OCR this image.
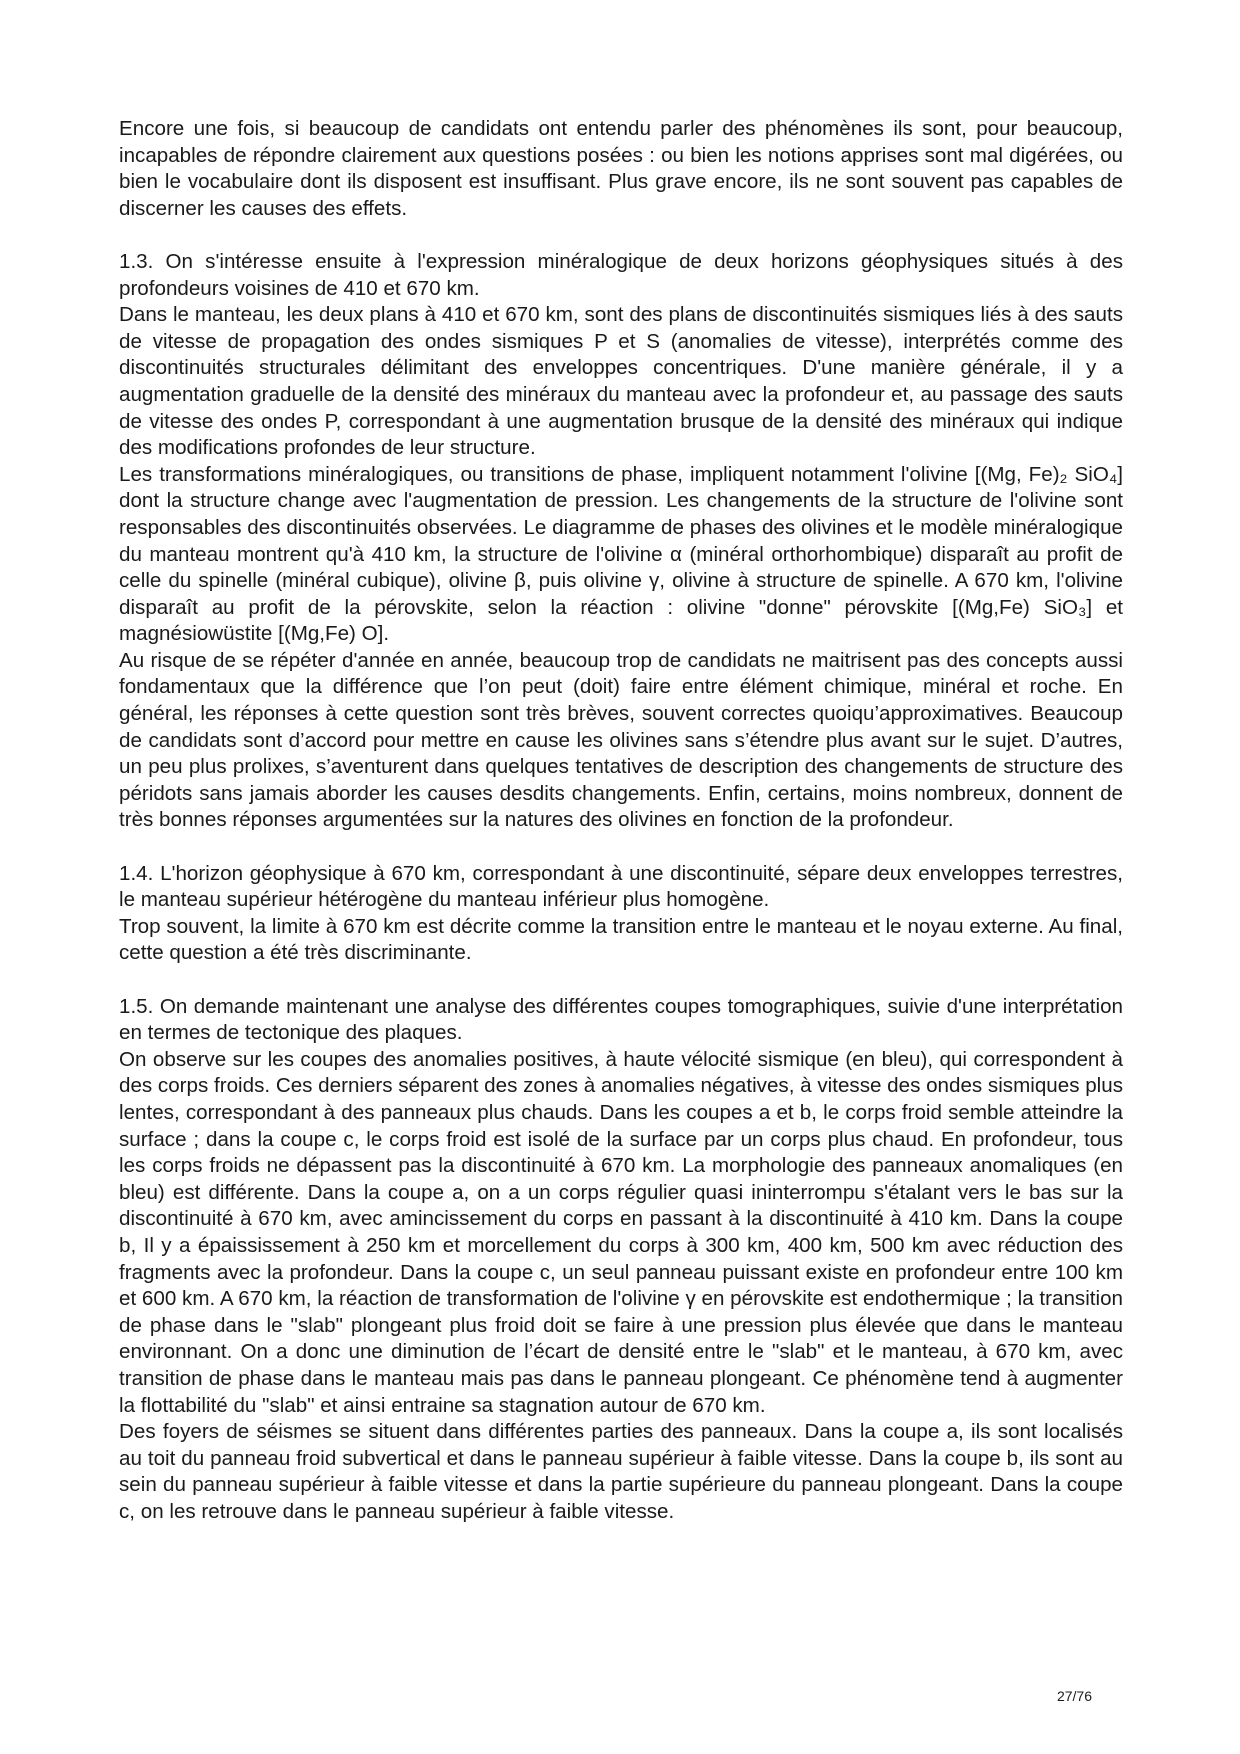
Encore une fois, si beaucoup de candidats ont entendu parler des phénomènes ils sont, pour beaucoup, incapables de répondre clairement aux questions posées : ou bien les notions apprises sont mal digérées, ou bien le vocabulaire dont ils disposent est insuffisant. Plus grave encore, ils ne sont souvent pas capables de discerner les causes des effets.

1.3. On s'intéresse ensuite à l'expression minéralogique de deux horizons géophysiques situés à des profondeurs voisines de 410 et 670 km.

Dans le manteau, les deux plans à 410 et 670 km, sont des plans de discontinuités sismiques liés à des sauts de vitesse de propagation des ondes sismiques P et S (anomalies de vitesse), interprétés comme des discontinuités structurales délimitant des enveloppes concentriques. D'une manière générale, il y a augmentation graduelle de la densité des minéraux du manteau avec la profondeur et, au passage des sauts de vitesse des ondes P, correspondant à une augmentation brusque de la densité des minéraux qui indique des modifications profondes de leur structure.

Les transformations minéralogiques, ou transitions de phase, impliquent notamment l'olivine [(Mg, Fe)₂ SiO₄] dont la structure change avec l'augmentation de pression. Les changements de la structure de l'olivine sont responsables des discontinuités observées. Le diagramme de phases des olivines et le modèle minéralogique du manteau montrent qu'à 410 km, la structure de l'olivine α (minéral orthorhombique) disparaît au profit de celle du spinelle (minéral cubique), olivine β, puis olivine γ, olivine à structure de spinelle. A 670 km, l'olivine disparaît au profit de la pérovskite, selon la réaction : olivine "donne" pérovskite [(Mg,Fe) SiO₃] et magnésiowüstite [(Mg,Fe) O].

Au risque de se répéter d'année en année, beaucoup trop de candidats ne maitrisent pas des concepts aussi fondamentaux que la différence que l’on peut (doit) faire entre élément chimique, minéral et roche. En général, les réponses à cette question sont très brèves, souvent correctes quoiqu’approximatives. Beaucoup de candidats sont d’accord pour mettre en cause les olivines sans s’étendre plus avant sur le sujet. D’autres, un peu plus prolixes, s’aventurent dans quelques tentatives de description des changements de structure des péridots sans jamais aborder les causes desdits changements. Enfin, certains, moins nombreux, donnent de très bonnes réponses argumentées sur la natures des olivines en fonction de la profondeur.

1.4. L'horizon géophysique à 670 km, correspondant à une discontinuité, sépare deux enveloppes terrestres, le manteau supérieur hétérogène du manteau inférieur plus homogène.

Trop souvent, la limite à 670 km est décrite comme la transition entre le manteau et le noyau externe. Au final, cette question a été très discriminante.

1.5. On demande maintenant une analyse des différentes coupes tomographiques, suivie d'une interprétation en termes de tectonique des plaques.

On observe sur les coupes des anomalies positives, à haute vélocité sismique (en bleu), qui correspondent à des corps froids. Ces derniers séparent des zones à anomalies négatives, à vitesse des ondes sismiques plus lentes, correspondant à des panneaux plus chauds. Dans les coupes a et b, le corps froid semble atteindre la surface ; dans la coupe c, le corps froid est isolé de la surface par un corps plus chaud. En profondeur, tous les corps froids ne dépassent pas la discontinuité à 670 km. La morphologie des panneaux anomaliques (en bleu) est différente. Dans la coupe a, on a un corps régulier quasi ininterrompu s'étalant vers le bas sur la discontinuité à 670 km, avec amincissement du corps en passant à la discontinuité à 410 km. Dans la coupe b, Il y a épaississement à 250 km et morcellement du corps à 300 km, 400 km, 500 km avec réduction des fragments avec la profondeur. Dans la coupe c, un seul panneau puissant existe en profondeur entre 100 km et 600 km. A 670 km, la réaction de transformation de l'olivine γ en pérovskite est endothermique ; la transition de phase dans le "slab" plongeant plus froid doit se faire à une pression plus élevée que dans le manteau environnant. On a donc une diminution de l’écart de densité entre le "slab" et le manteau, à 670 km, avec transition de phase dans le manteau mais pas dans le panneau plongeant. Ce phénomène tend à augmenter la flottabilité du "slab" et ainsi entraine sa stagnation autour de 670 km.

Des foyers de séismes se situent dans différentes parties des panneaux. Dans la coupe a, ils sont localisés au toit du panneau froid subvertical et dans le panneau supérieur à faible vitesse. Dans la coupe b, ils sont au sein du panneau supérieur à faible vitesse et dans la partie supérieure du panneau plongeant. Dans la coupe c, on les retrouve dans le panneau supérieur à faible vitesse.

27/76
